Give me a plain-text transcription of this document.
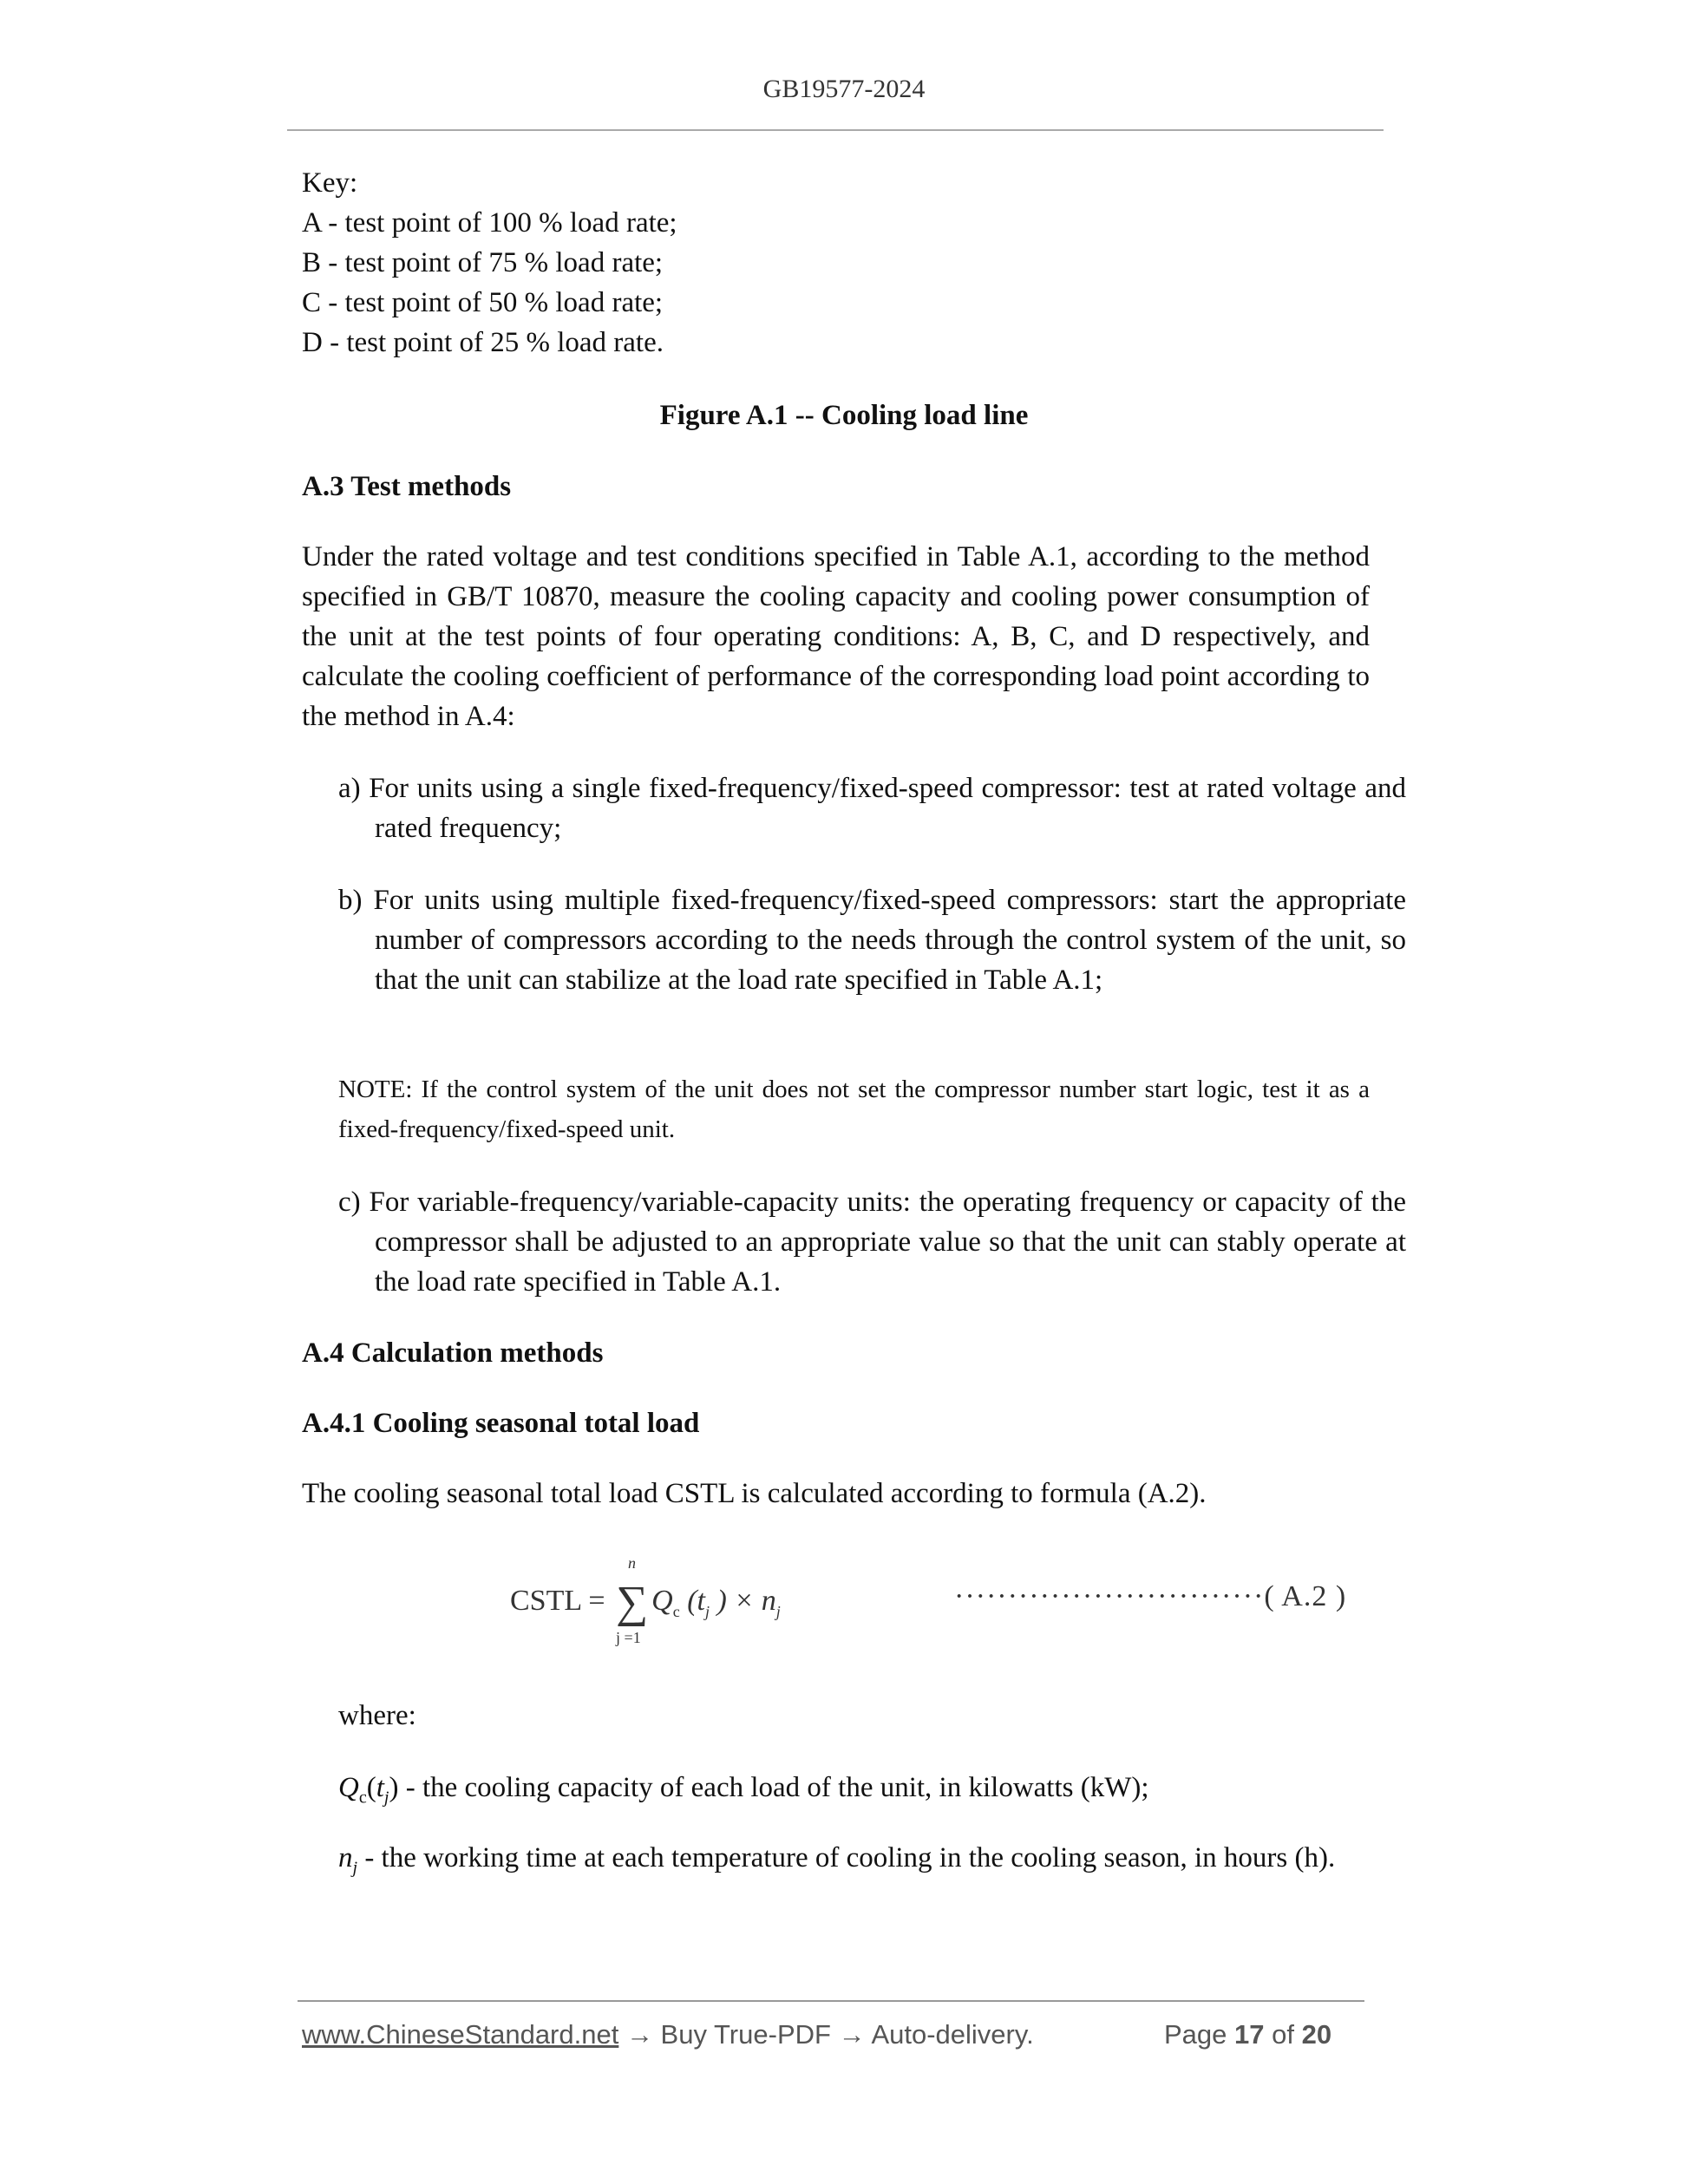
GB19577-2024
Key:
A - test point of 100 % load rate;
B - test point of 75 % load rate;
C - test point of 50 % load rate;
D - test point of 25 % load rate.
Figure A.1 -- Cooling load line
A.3 Test methods
Under the rated voltage and test conditions specified in Table A.1, according to the method specified in GB/T 10870, measure the cooling capacity and cooling power consumption of the unit at the test points of four operating conditions: A, B, C, and D respectively, and calculate the cooling coefficient of performance of the corresponding load point according to the method in A.4:
a) For units using a single fixed-frequency/fixed-speed compressor: test at rated voltage and rated frequency;
b) For units using multiple fixed-frequency/fixed-speed compressors: start the appropriate number of compressors according to the needs through the control system of the unit, so that the unit can stabilize at the load rate specified in Table A.1;
NOTE: If the control system of the unit does not set the compressor number start logic, test it as a fixed-frequency/fixed-speed unit.
c) For variable-frequency/variable-capacity units: the operating frequency or capacity of the compressor shall be adjusted to an appropriate value so that the unit can stably operate at the load rate specified in Table A.1.
A.4 Calculation methods
A.4.1 Cooling seasonal total load
The cooling seasonal total load CSTL is calculated according to formula (A.2).
CSTL = ∑
n
j =1
$Q_c$ ($t_j$ ) × $n_j$	·····························( A.2 )
where:
$Q_c(t_j)$ - the cooling capacity of each load of the unit, in kilowatts (kW);
$n_j$ - the working time at each temperature of cooling in the cooling season, in hours (h).
www.ChineseStandard.net → Buy True-PDF → Auto-delivery.	Page 17 of 20
